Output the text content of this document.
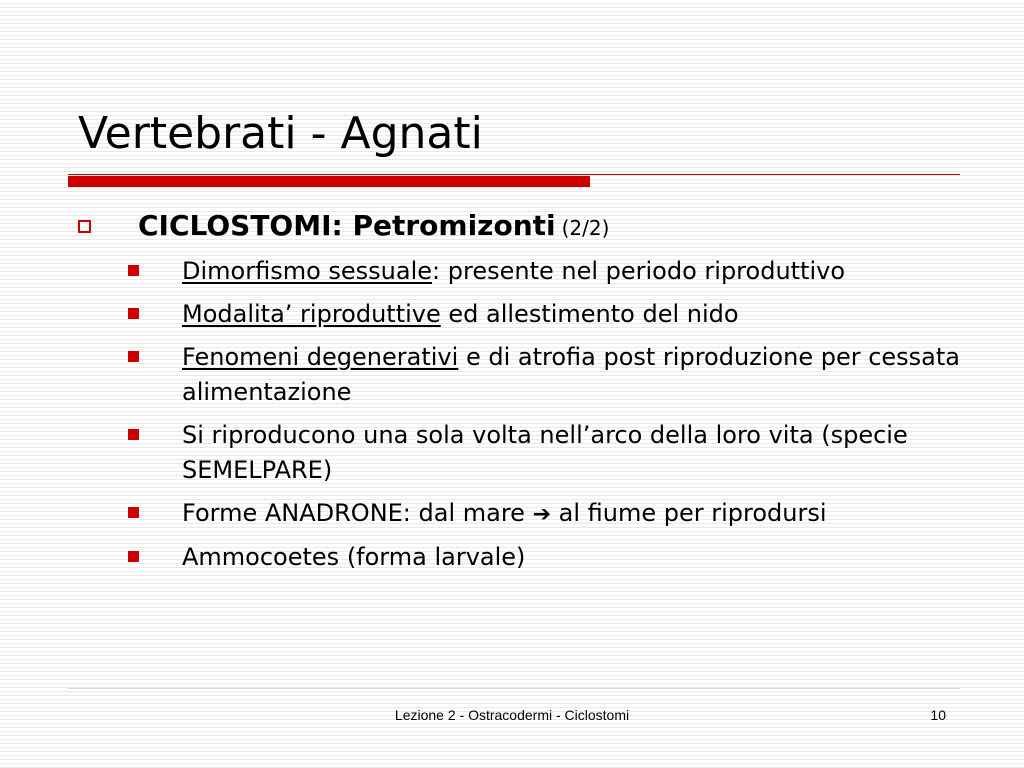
Vertebrati - Agnati
CICLOSTOMI: Petromizonti (2/2)
Dimorfismo sessuale: presente nel periodo riproduttivo
Modalita’ riproduttive ed allestimento del nido
Fenomeni degenerativi e di atrofia post riproduzione per cessata alimentazione
Si riproducono una sola volta nell’arco della loro vita (specie SEMELPARE)
Forme ANADRONE: dal mare ➔ al fiume per riprodursi
Ammocoetes (forma larvale)
Lezione 2 - Ostracodermi - Ciclostomi	10
